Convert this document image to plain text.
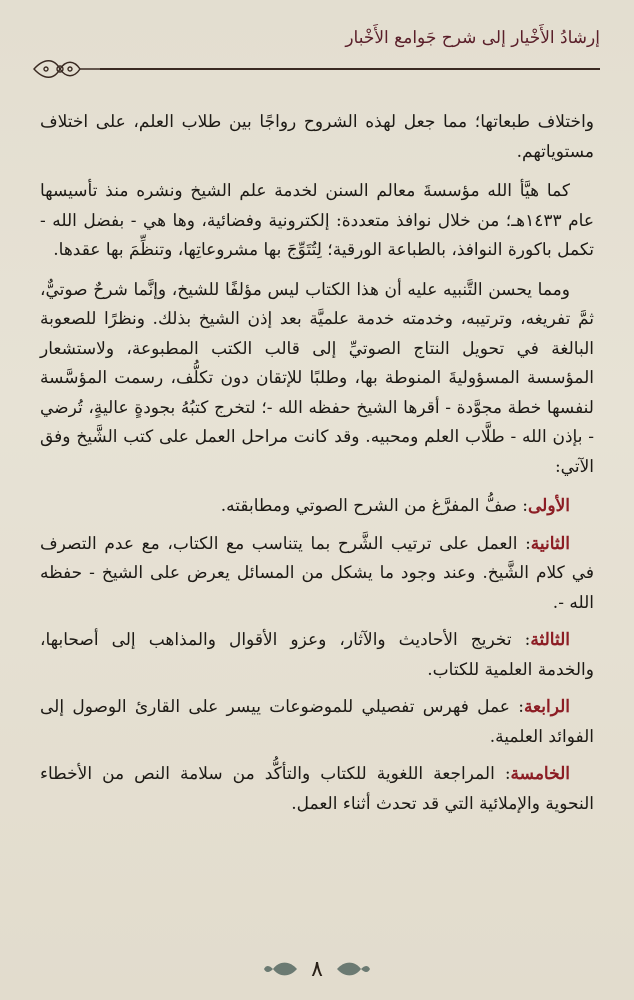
إرشادُ الأَخْيار إلى شرح جَوامع الأَخْبار

واختلاف طبعاتها؛ مما جعل لهذه الشروح رواجًا بين طلاب العلم، على اختلاف مستوياتهم.

كما هيَّأ الله مؤسسةَ معالم السنن لخدمة علم الشيخ ونشره منذ تأسيسها عام ١٤٣٣هـ؛ من خلال نوافذ متعددة: إلكترونية وفضائية، وها هي - بفضل الله - تكمل باكورة النوافذ، بالطباعة الورقية؛ لِتُتَوِّجَ بها مشروعاتِها، وتنظِّمَ بها عقدها.

ومما يحسن التَّنبيه عليه أن هذا الكتاب ليس مؤلفًا للشيخ، وإنَّما شرحٌ صوتيٌّ، ثمَّ تفريغه، وترتيبه، وخدمته خدمة علميَّة بعد إذن الشيخ بذلك. ونظرًا للصعوبة البالغة في تحويل النتاج الصوتيِّ إلى قالب الكتب المطبوعة، ولاستشعار المؤسسة المسؤوليةَ المنوطة بها، وطلبًا للإتقان دون تكلُّف، رسمت المؤسَّسة لنفسها خطة مجوَّدة - أقرها الشيخ حفظه الله -؛ لتخرج كتبُهُ بجودةٍ عاليةٍ، تُرضي - بإذن الله - طلَّاب العلم ومحبيه. وقد كانت مراحل العمل على كتب الشَّيخ وفق الآتي:

الأولى: صفُّ المفرَّغ من الشرح الصوتي ومطابقته.

الثانية: العمل على ترتيب الشَّرح بما يتناسب مع الكتاب، مع عدم التصرف في كلام الشَّيخ. وعند وجود ما يشكل من المسائل يعرض على الشيخ - حفظه الله -.

الثالثة: تخريج الأحاديث والآثار، وعزو الأقوال والمذاهب إلى أصحابها، والخدمة العلمية للكتاب.

الرابعة: عمل فهرس تفصيلي للموضوعات ييسر على القارئ الوصول إلى الفوائد العلمية.

الخامسة: المراجعة اللغوية للكتاب والتأكُّد من سلامة النص من الأخطاء النحوية والإملائية التي قد تحدث أثناء العمل.

٨
